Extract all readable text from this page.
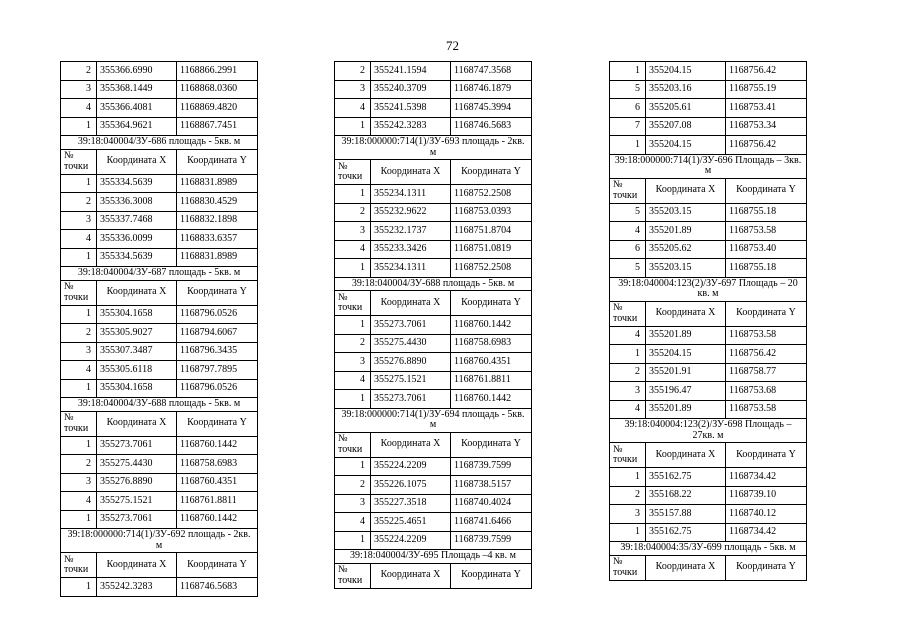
72
2	355366.6990	1168866.2991
3	355368.1449	1168868.0360
4	355366.4081	1168869.4820
1	355364.9621	1168867.7451
39:18:040004/ЗУ-686 площадь - 5кв. м		
№ точки	Координата X	Координата Y
1	355334.5639	1168831.8989
2	355336.3008	1168830.4529
3	355337.7468	1168832.1898
4	355336.0099	1168833.6357
1	355334.5639	1168831.8989
39:18:040004/ЗУ-687 площадь - 5кв. м		
№ точки	Координата X	Координата Y
1	355304.1658	1168796.0526
2	355305.9027	1168794.6067
3	355307.3487	1168796.3435
4	355305.6118	1168797.7895
1	355304.1658	1168796.0526
39:18:040004/ЗУ-688 площадь - 5кв. м		
№ точки	Координата X	Координата Y
1	355273.7061	1168760.1442
2	355275.4430	1168758.6983
3	355276.8890	1168760.4351
4	355275.1521	1168761.8811
1	355273.7061	1168760.1442
39:18:000000:714(1)/ЗУ-692 площадь - 2кв. м		
№ точки	Координата X	Координата Y
1	355242.3283	1168746.5683
2	355241.1594	1168747.3568
3	355240.3709	1168746.1879
4	355241.5398	1168745.3994
1	355242.3283	1168746.5683
39:18:000000:714(1)/ЗУ-693 площадь - 2кв. м		
№ точки	Координата X	Координата Y
1	355234.1311	1168752.2508
2	355232.9622	1168753.0393
3	355232.1737	1168751.8704
4	355233.3426	1168751.0819
1	355234.1311	1168752.2508
39:18:040004/ЗУ-688 площадь - 5кв. м		
№ точки	Координата X	Координата Y
1	355273.7061	1168760.1442
2	355275.4430	1168758.6983
3	355276.8890	1168760.4351
4	355275.1521	1168761.8811
1	355273.7061	1168760.1442
39:18:000000:714(1)/ЗУ-694 площадь - 5кв. м		
№ точки	Координата X	Координата Y
1	355224.2209	1168739.7599
2	355226.1075	1168738.5157
3	355227.3518	1168740.4024
4	355225.4651	1168741.6466
1	355224.2209	1168739.7599
39:18:040004/ЗУ-695 Площадь –4 кв. м		
№ точки	Координата X	Координата Y
1	355204.15	1168756.42
5	355203.16	1168755.19
6	355205.61	1168753.41
7	355207.08	1168753.34
1	355204.15	1168756.42
39:18:000000:714(1)/ЗУ-696 Площадь – 3кв. м		
№ точки	Координата X	Координата Y
5	355203.15	1168755.18
4	355201.89	1168753.58
6	355205.62	1168753.40
5	355203.15	1168755.18
39:18:040004:123(2)/ЗУ-697 Площадь – 20 кв. м		
№ точки	Координата X	Координата Y
4	355201.89	1168753.58
1	355204.15	1168756.42
2	355201.91	1168758.77
3	355196.47	1168753.68
4	355201.89	1168753.58
39:18:040004:123(2)/ЗУ-698 Площадь – 27кв. м		
№ точки	Координата X	Координата Y
1	355162.75	1168734.42
2	355168.22	1168739.10
3	355157.88	1168740.12
1	355162.75	1168734.42
39:18:040004:35/ЗУ-699 площадь - 5кв. м		
№ точки	Координата X	Координата Y
